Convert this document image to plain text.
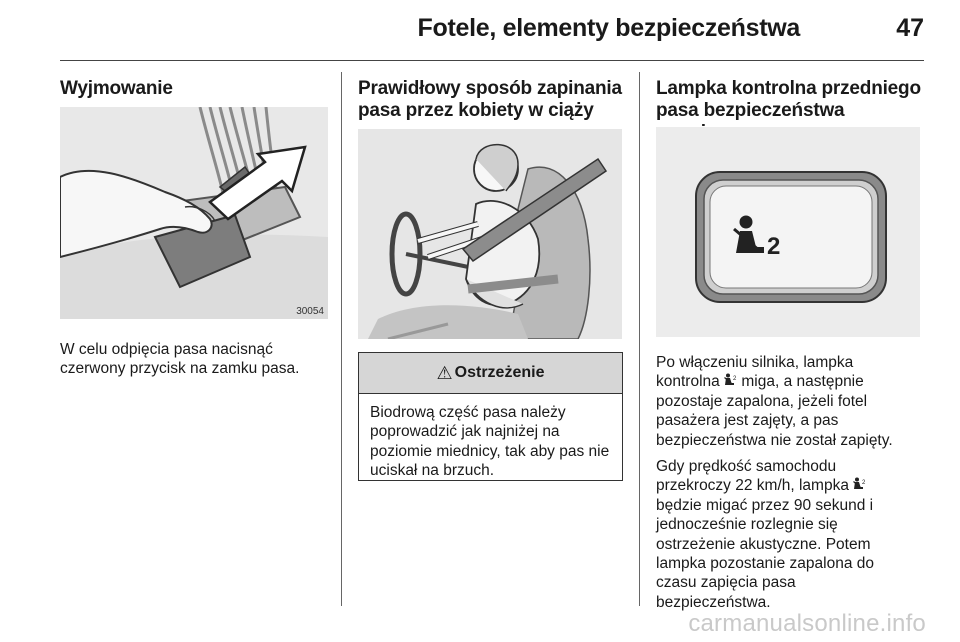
Fotele, elementy bezpieczeństwa	47
Wyjmowanie
30054

W celu odpięcia pasa nacisnąć czerwony przycisk na zamku pasa.

Prawidłowy sposób zapinania pasa przez kobiety w ciąży
⚠ Ostrzeżenie
Biodrową część pasa należy poprowadzić jak najniżej na poziomie miednicy, tak aby pas nie uciskał na brzuch.
Lampka kontrolna przedniego pasa bezpieczeństwa
2
Po włączeniu silnika, lampka
kontrolna 2 miga, a następnie
pozostaje zapalona, jeżeli fotel
pasażera jest zajęty, a pas
bezpieczeństwa nie został zapięty.
Gdy prędkość samochodu
przekroczy 22 km/h, lampka 2
będzie migać przez 90 sekund i
jednocześnie rozlegnie się
ostrzeżenie akustyczne. Potem
lampka pozostanie zapalona do
czasu zapięcia pasa
bezpieczeństwa.
carmanualsonline.info
